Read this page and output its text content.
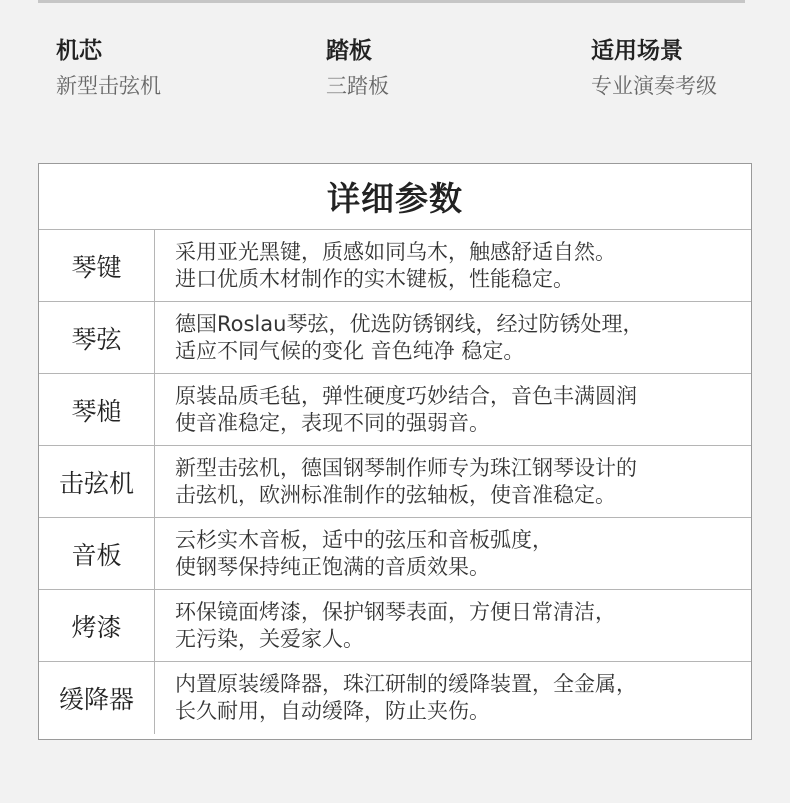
机芯
新型击弦机
踏板
三踏板
适用场景
专业演奏考级
详细参数
琴键
采用亚光黑键，质感如同乌木，触感舒适自然。
进口优质木材制作的实木键板，性能稳定。
琴弦
德国Roslau琴弦，优选防锈钢线，经过防锈处理，
适应不同气候的变化 音色纯净 稳定。
琴槌
原装品质毛毡，弹性硬度巧妙结合，音色丰满圆润
使音准稳定，表现不同的强弱音。
击弦机
新型击弦机，德国钢琴制作师专为珠江钢琴设计的
击弦机，欧洲标准制作的弦轴板，使音准稳定。
音板
云杉实木音板，适中的弦压和音板弧度，
使钢琴保持纯正饱满的音质效果。
烤漆
环保镜面烤漆，保护钢琴表面，方便日常清洁，
无污染，关爱家人。
缓降器
内置原装缓降器，珠江研制的缓降装置，全金属，
长久耐用，自动缓降，防止夹伤。
